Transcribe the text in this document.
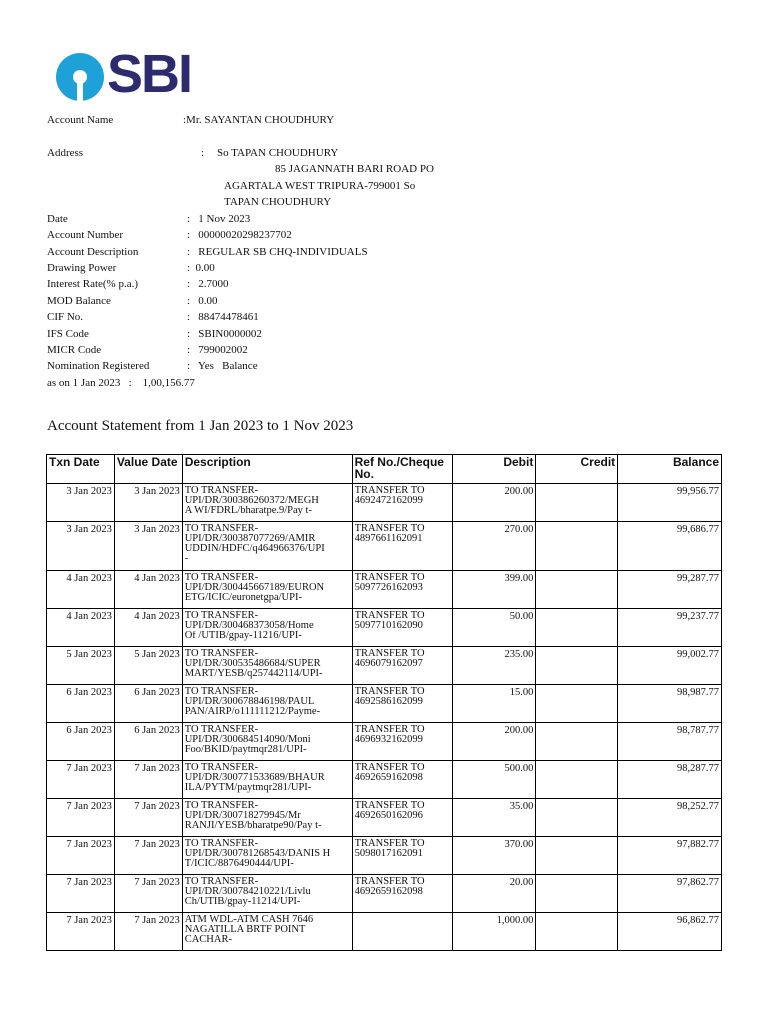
SBI
Account Name	:Mr. SAYANTAN CHOUDHURY
Address	: So TAPAN CHOUDHURY
85 JAGANNATH BARI ROAD PO
AGARTALA WEST TRIPURA-799001 So
TAPAN CHOUDHURY
Date	:   1 Nov 2023
Account Number	:   00000020298237702
Account Description	:   REGULAR SB CHQ-INDIVIDUALS
Drawing Power	:  0.00
Interest Rate(% p.a.)	:   2.7000
MOD Balance	:   0.00
CIF No.	:   88474478461
IFS Code	:   SBIN0000002
MICR Code	:   799002002
Nomination Registered	:   Yes   Balance
as on 1 Jan 2023   :    1,00,156.77
Account Statement from 1 Jan 2023 to 1 Nov 2023
Txn Date	Value Date	Description	Ref No./Cheque No.	Debit	Credit	Balance
3 Jan 2023	3 Jan 2023	TO TRANSFER-
UPI/DR/300386260372/MEGH
A WI/FDRL/bharatpe.9/Pay t-	TRANSFER TO
4692472162099	200.00		99,956.77
3 Jan 2023	3 Jan 2023	TO TRANSFER-
UPI/DR/300387077269/AMIR
UDDIN/HDFC/q464966376/UPI
-	TRANSFER TO
4897661162091	270.00		99,686.77
4 Jan 2023	4 Jan 2023	TO TRANSFER-
UPI/DR/300445667189/EURON
ETG/ICIC/euronetgpa/UPI-	TRANSFER TO
5097726162093	399.00		99,287.77
4 Jan 2023	4 Jan 2023	TO TRANSFER-
UPI/DR/300468373058/Home
Of /UTIB/gpay-11216/UPI-	TRANSFER TO
5097710162090	50.00		99,237.77
5 Jan 2023	5 Jan 2023	TO TRANSFER-
UPI/DR/300535486684/SUPER
MART/YESB/q257442114/UPI-	TRANSFER TO
4696079162097	235.00		99,002.77
6 Jan 2023	6 Jan 2023	TO TRANSFER-
UPI/DR/300678846198/PAUL
PAN/AIRP/o111111212/Payme-	TRANSFER TO
4692586162099	15.00		98,987.77
6 Jan 2023	6 Jan 2023	TO TRANSFER-
UPI/DR/300684514090/Moni
Foo/BKID/paytmqr281/UPI-	TRANSFER TO
4696932162099	200.00		98,787.77
7 Jan 2023	7 Jan 2023	TO TRANSFER-
UPI/DR/300771533689/BHAUR
ILA/PYTM/paytmqr281/UPI-	TRANSFER TO
4692659162098	500.00		98,287.77
7 Jan 2023	7 Jan 2023	TO TRANSFER-
UPI/DR/300718279945/Mr
RANJI/YESB/bharatpe90/Pay t-	TRANSFER TO
4692650162096	35.00		98,252.77
7 Jan 2023	7 Jan 2023	TO TRANSFER-
UPI/DR/300781268543/DANIS H
T/ICIC/8876490444/UPI-	TRANSFER TO
5098017162091	370.00		97,882.77
7 Jan 2023	7 Jan 2023	TO TRANSFER-
UPI/DR/300784210221/Livlu
Ch/UTIB/gpay-11214/UPI-	TRANSFER TO
4692659162098	20.00		97,862.77
7 Jan 2023	7 Jan 2023	ATM WDL-ATM CASH 7646
NAGATILLA BRTF POINT
CACHAR-		1,000.00		96,862.77
